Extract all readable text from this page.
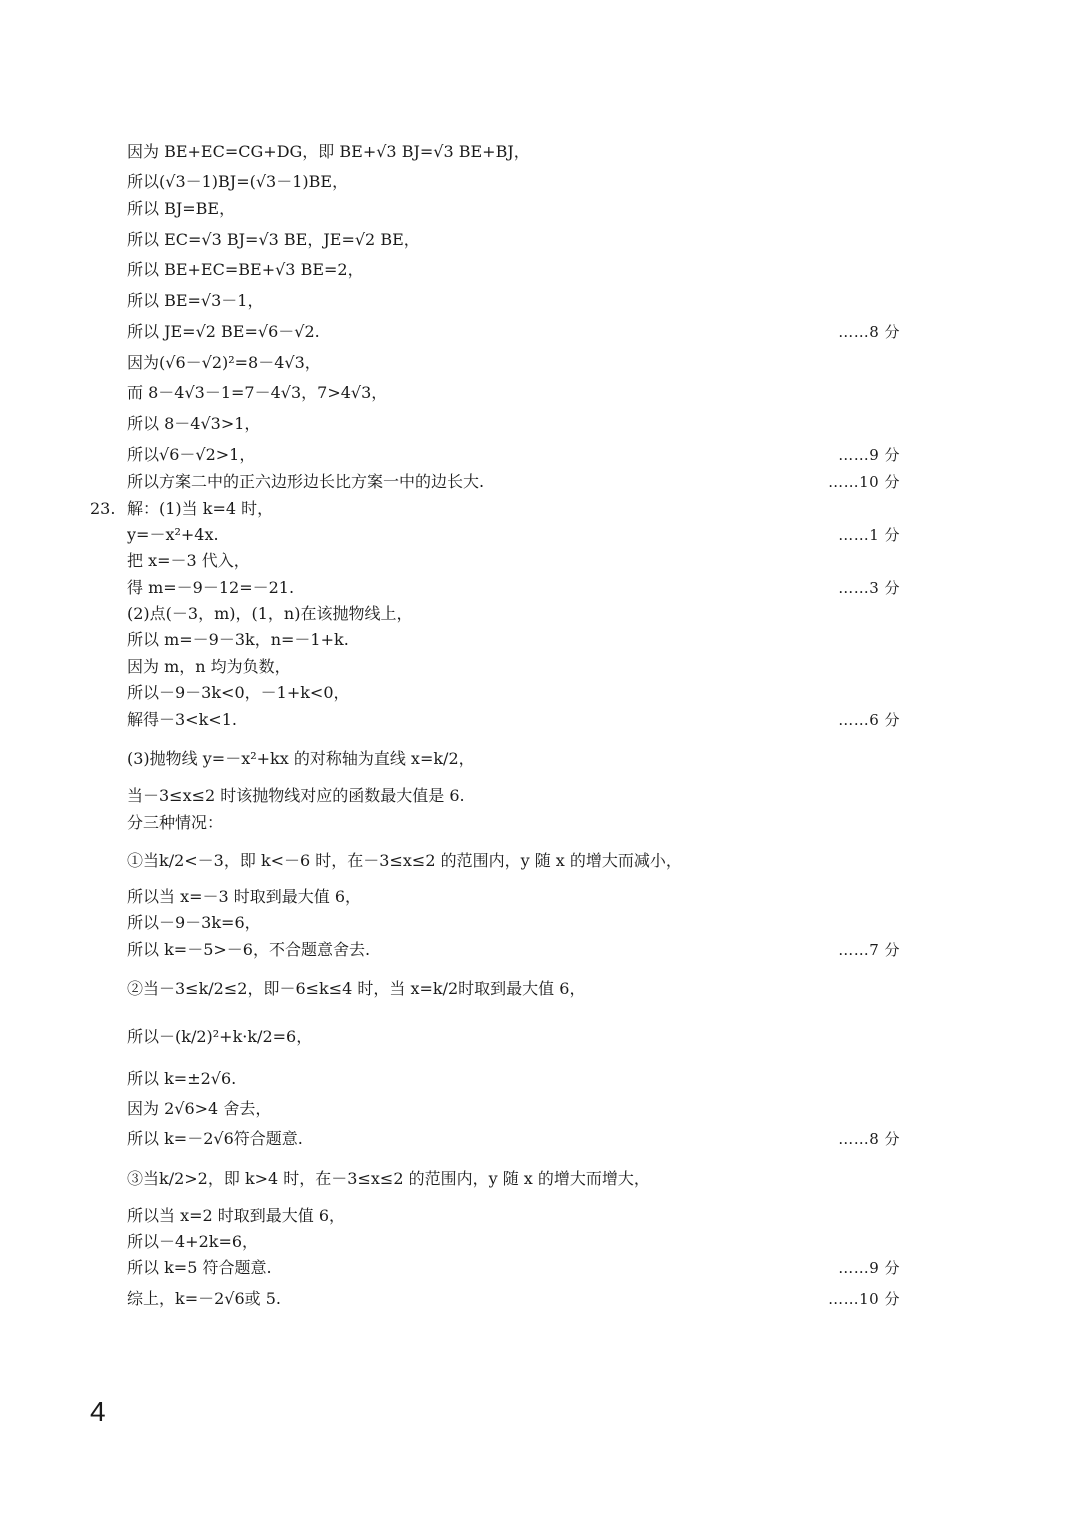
因为 BE+EC=CG+DG，即 BE+√3 BJ=√3 BE+BJ，
所以(√3－1)BJ=(√3－1)BE，
所以 BJ=BE，
所以 EC=√3 BJ=√3 BE，JE=√2 BE，
所以 BE+EC=BE+√3 BE=2，
所以 BE=√3－1，
所以 JE=√2 BE=√6－√2.	……8 分
因为(√6－√2)²=8－4√3，
而 8－4√3－1=7－4√3，7>4√3，
所以 8－4√3>1，
所以√6－√2>1，	……9 分
所以方案二中的正六边形边长比方案一中的边长大.	……10 分
23. 解：(1)当 k=4 时，
y=－x²+4x.	……1 分
把 x=－3 代入，
得 m=－9－12=－21.	……3 分
(2)点(－3，m)，(1，n)在该抛物线上，
所以 m=－9－3k，n=－1+k.
因为 m，n 均为负数，
所以－9－3k<0，－1+k<0，
解得－3<k<1.	……6 分
(3)抛物线 y=－x²+kx 的对称轴为直线 x=k/2，
当－3≤x≤2 时该抛物线对应的函数最大值是 6.
分三种情况：
①当k/2<－3，即 k<－6 时，在－3≤x≤2 的范围内，y 随 x 的增大而减小，
所以当 x=－3 时取到最大值 6，
所以－9－3k=6，
所以 k=－5>－6，不合题意舍去.	……7 分
②当－3≤k/2≤2，即－6≤k≤4 时，当 x=k/2时取到最大值 6，
所以－(k/2)²+k·k/2=6，
所以 k=±2√6.
因为 2√6>4 舍去，
所以 k=－2√6符合题意.	……8 分
③当k/2>2，即 k>4 时，在－3≤x≤2 的范围内，y 随 x 的增大而增大，
所以当 x=2 时取到最大值 6，
所以－4+2k=6，
所以 k=5 符合题意.	……9 分
综上，k=－2√6或 5.	……10 分
4
